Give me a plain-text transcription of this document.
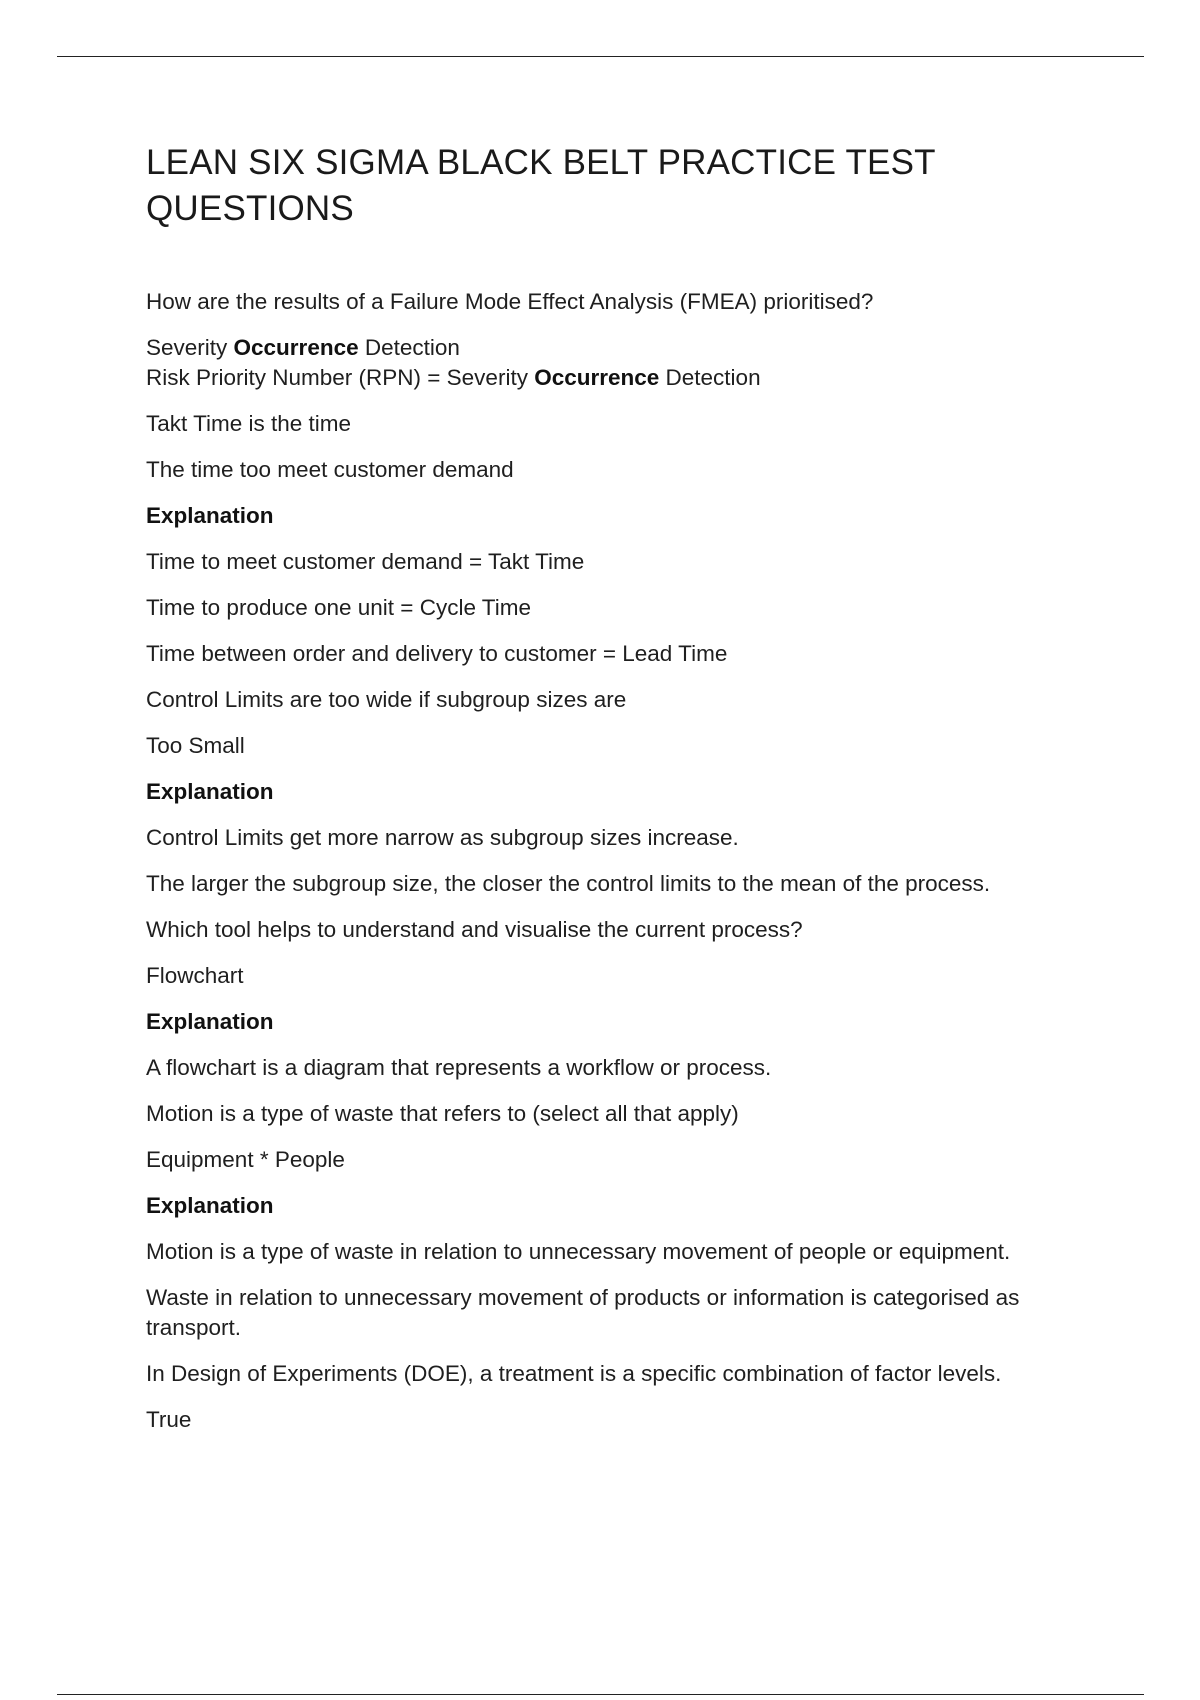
LEAN SIX SIGMA BLACK BELT PRACTICE TEST QUESTIONS
How are the results of a Failure Mode Effect Analysis (FMEA) prioritised?
Severity Occurrence Detection
Risk Priority Number (RPN) = Severity Occurrence Detection
Takt Time is the time
The time too meet customer demand
Explanation
Time to meet customer demand = Takt Time
Time to produce one unit = Cycle Time
Time between order and delivery to customer = Lead Time
Control Limits are too wide if subgroup sizes are
Too Small
Explanation
Control Limits get more narrow as subgroup sizes increase.
The larger the subgroup size, the closer the control limits to the mean of the process.
Which tool helps to understand and visualise the current process?
Flowchart
Explanation
A flowchart is a diagram that represents a workflow or process.
Motion is a type of waste that refers to (select all that apply)
Equipment * People
Explanation
Motion is a type of waste in relation to unnecessary movement of people or equipment.
Waste in relation to unnecessary movement of products or information is categorised as transport.
In Design of Experiments (DOE), a treatment is a specific combination of factor levels.
True
